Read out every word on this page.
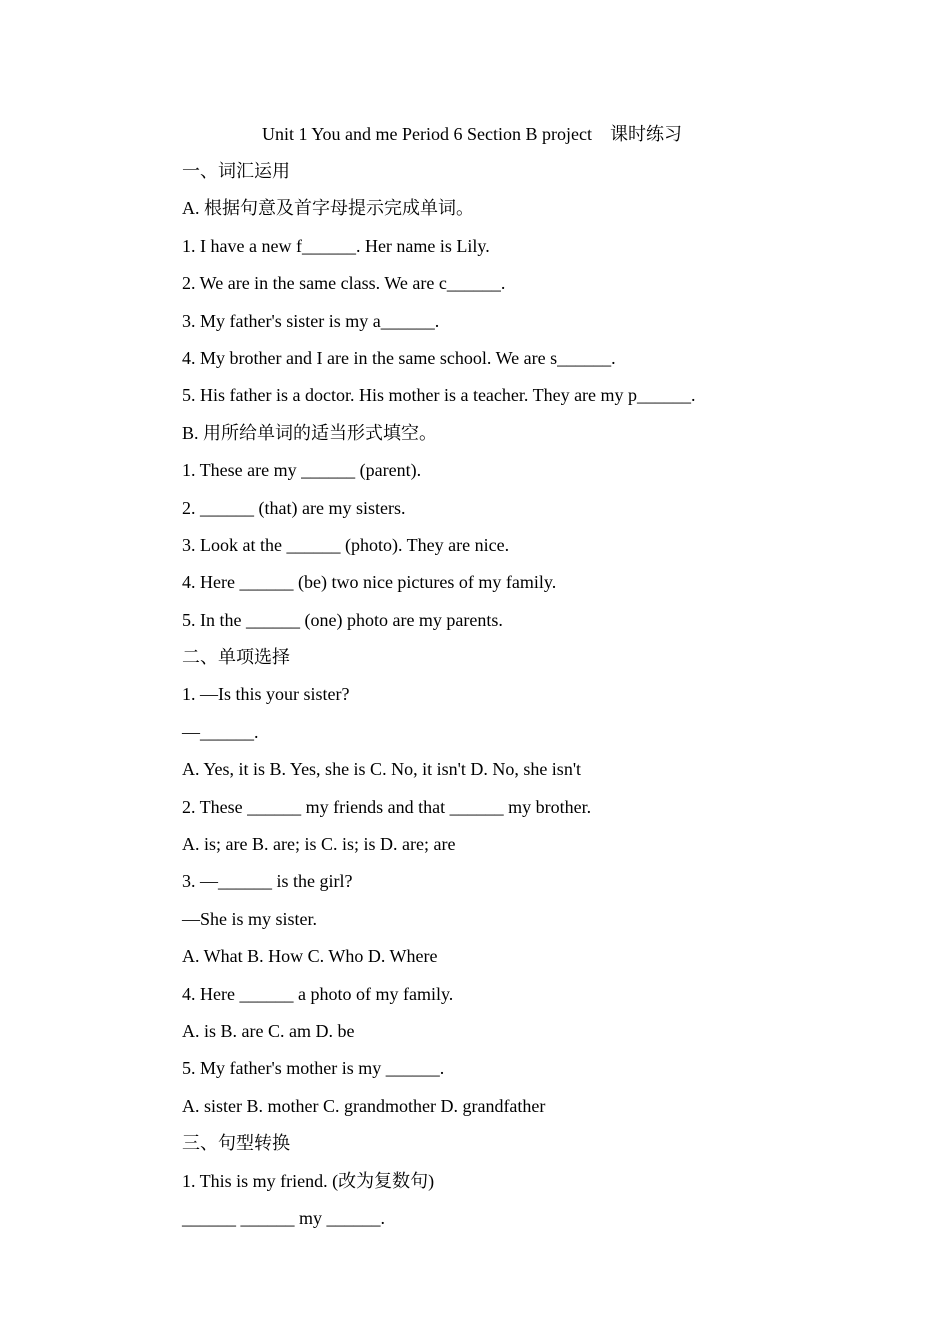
Unit 1 You and me Period 6 Section B project　课时练习
一、词汇运用
A. 根据句意及首字母提示完成单词。
1. I have a new f______. Her name is Lily.
2. We are in the same class. We are c______.
3. My father's sister is my a______.
4. My brother and I are in the same school. We are s______.
5. His father is a doctor. His mother is a teacher. They are my p______.
B. 用所给单词的适当形式填空。
1. These are my ______ (parent).
2. ______ (that) are my sisters.
3. Look at the ______ (photo). They are nice.
4. Here ______ (be) two nice pictures of my family.
5. In the ______ (one) photo are my parents.
二、单项选择
1. —Is this your sister?
—______.
A. Yes, it is B. Yes, she is C. No, it isn't D. No, she isn't
2. These ______ my friends and that ______ my brother.
A. is; are B. are; is C. is; is D. are; are
3. —______ is the girl?
—She is my sister.
A. What B. How C. Who D. Where
4. Here ______ a photo of my family.
A. is B. are C. am D. be
5. My father's mother is my ______.
A. sister B. mother C. grandmother D. grandfather
三、句型转换
1. This is my friend. (改为复数句)
______ ______ my ______.
